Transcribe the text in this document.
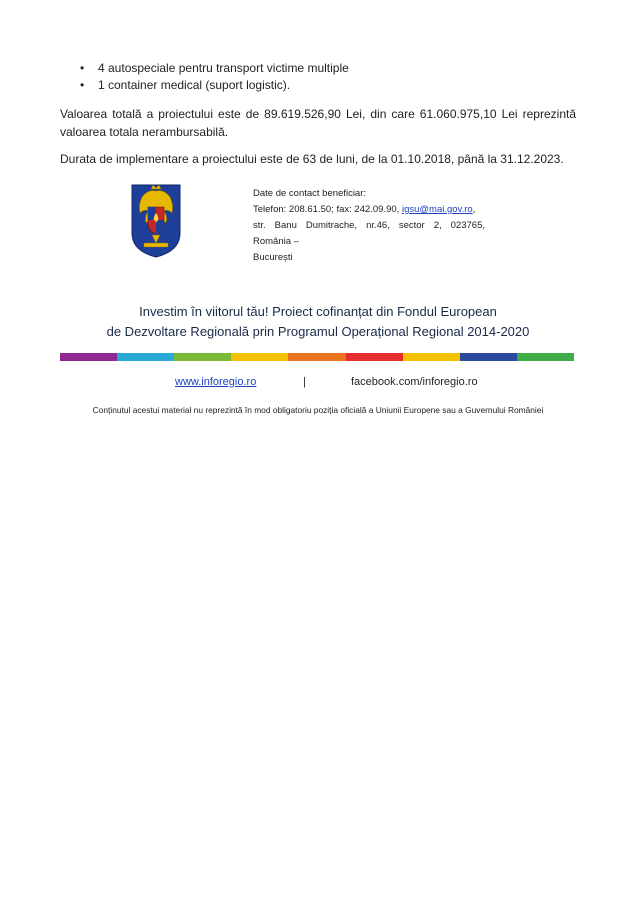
• 4 autospeciale pentru transport victime multiple
• 1 container medical (suport logistic).

Valoarea totală a proiectului este de 89.619.526,90 Lei, din care 61.060.975,10 Lei reprezintă valoarea totala nerambursabilă.

Durata de implementare a proiectului este de 63 de luni, de la 01.10.2018, până la 31.12.2023.

Date de contact beneficiar:
Telefon: 208.61.50; fax: 242.09.90, igsu@mai.gov.ro,
str. Banu Dumitrache, nr.46, sector 2, 023765, România –
București
Investim în viitorul tău! Proiect cofinanțat din Fondul European
de Dezvoltare Regională prin Programul Operațional Regional 2014-2020
www.inforegio.ro	|	facebook.com/inforegio.ro
Conținutul acestui material nu reprezintă în mod obligatoriu poziția oficială a Uniunii Europene sau a Guvernului României
